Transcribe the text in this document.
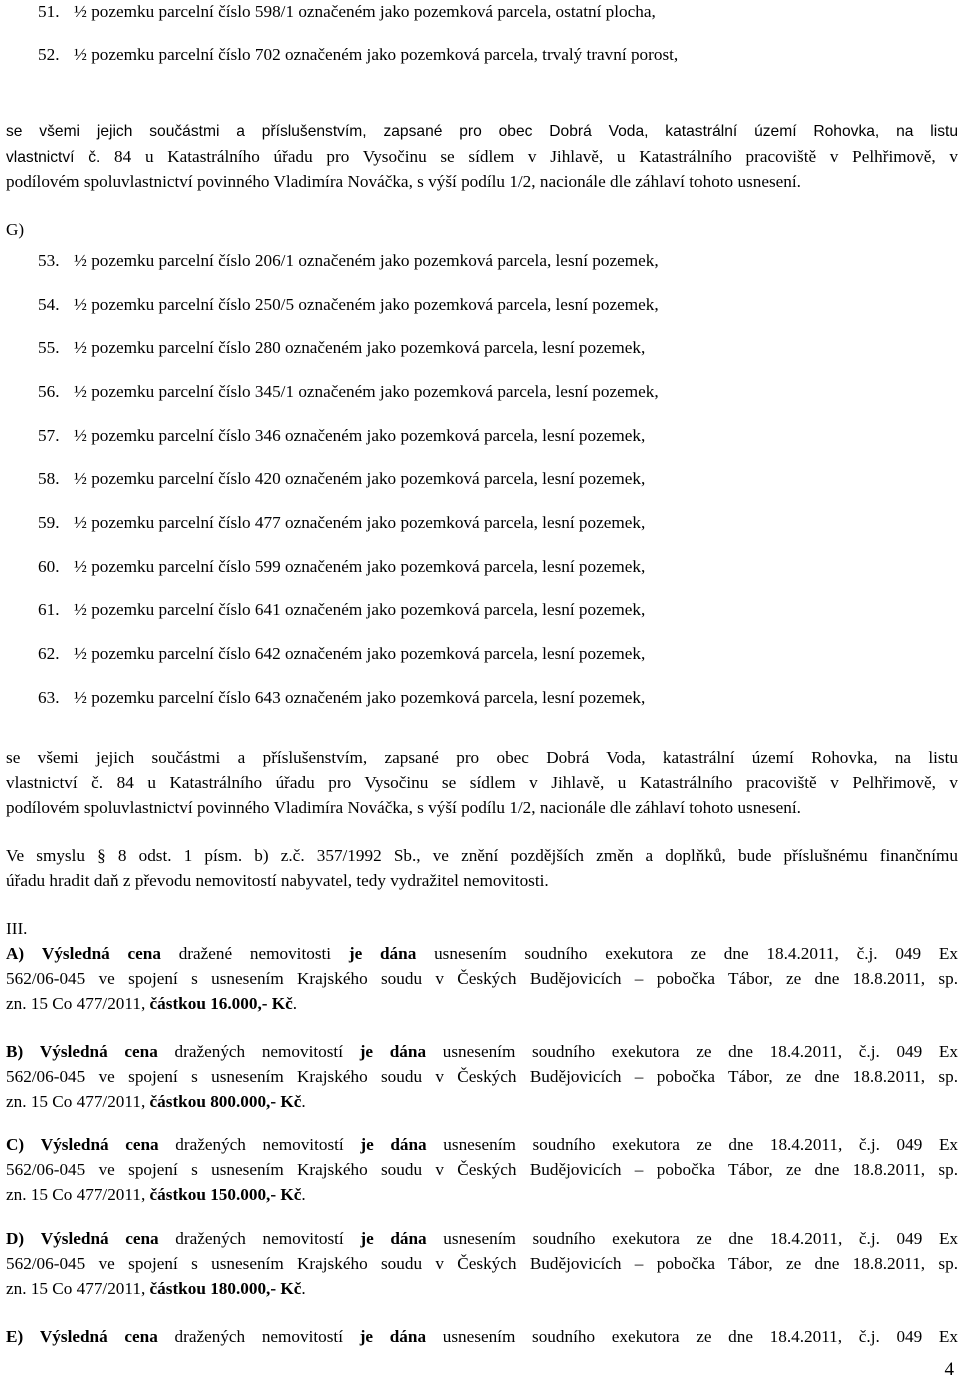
51. ½ pozemku parcelní číslo 598/1 označeném jako pozemková parcela, ostatní plocha,
52. ½ pozemku parcelní číslo 702 označeném jako pozemková parcela, trvalý travní porost,
se všemi jejich součástmi a příslušenstvím, zapsané pro obec Dobrá Voda, katastrální území Rohovka, na listu
vlastnictví č. 84 u Katastrálního úřadu pro Vysočinu se sídlem v Jihlavě, u Katastrálního pracoviště v Pelhřimově, v
podílovém spoluvlastnictví povinného Vladimíra Nováčka, s výší podílu 1/2, nacionále dle záhlaví tohoto usnesení.
G)
53. ½ pozemku parcelní číslo 206/1 označeném jako pozemková parcela, lesní pozemek,
54. ½ pozemku parcelní číslo 250/5 označeném jako pozemková parcela, lesní pozemek,
55. ½ pozemku parcelní číslo 280 označeném jako pozemková parcela, lesní pozemek,
56. ½ pozemku parcelní číslo 345/1 označeném jako pozemková parcela, lesní pozemek,
57. ½ pozemku parcelní číslo 346 označeném jako pozemková parcela, lesní pozemek,
58. ½ pozemku parcelní číslo 420 označeném jako pozemková parcela, lesní pozemek,
59. ½ pozemku parcelní číslo 477 označeném jako pozemková parcela, lesní pozemek,
60. ½ pozemku parcelní číslo 599 označeném jako pozemková parcela, lesní pozemek,
61. ½ pozemku parcelní číslo 641 označeném jako pozemková parcela, lesní pozemek,
62. ½ pozemku parcelní číslo 642 označeném jako pozemková parcela, lesní pozemek,
63. ½ pozemku parcelní číslo 643 označeném jako pozemková parcela, lesní pozemek,
se všemi jejich součástmi a příslušenstvím, zapsané pro obec Dobrá Voda, katastrální území Rohovka, na listu
vlastnictví č. 84 u Katastrálního úřadu pro Vysočinu se sídlem v Jihlavě, u Katastrálního pracoviště v Pelhřimově, v
podílovém spoluvlastnictví povinného Vladimíra Nováčka, s výší podílu 1/2, nacionále dle záhlaví tohoto usnesení.
Ve smyslu § 8 odst. 1 písm. b) z.č. 357/1992 Sb., ve znění pozdějších změn a doplňků, bude příslušnému finančnímu
úřadu hradit daň z převodu nemovitostí nabyvatel, tedy vydražitel nemovitosti.
III.
A) Výsledná cena dražené nemovitosti je dána usnesením soudního exekutora ze dne 18.4.2011, č.j. 049 Ex
562/06-045 ve spojení s usnesením Krajského soudu v Českých Budějovicích – pobočka Tábor, ze dne 18.8.2011, sp.
zn. 15 Co 477/2011, částkou 16.000,- Kč.
B) Výsledná cena dražených nemovitostí je dána usnesením soudního exekutora ze dne 18.4.2011, č.j. 049 Ex
562/06-045 ve spojení s usnesením Krajského soudu v Českých Budějovicích – pobočka Tábor, ze dne 18.8.2011, sp.
zn. 15 Co 477/2011, částkou 800.000,- Kč.
C) Výsledná cena dražených nemovitostí je dána usnesením soudního exekutora ze dne 18.4.2011, č.j. 049 Ex
562/06-045 ve spojení s usnesením Krajského soudu v Českých Budějovicích – pobočka Tábor, ze dne 18.8.2011, sp.
zn. 15 Co 477/2011, částkou 150.000,- Kč.
D) Výsledná cena dražených nemovitostí je dána usnesením soudního exekutora ze dne 18.4.2011, č.j. 049 Ex
562/06-045 ve spojení s usnesením Krajského soudu v Českých Budějovicích – pobočka Tábor, ze dne 18.8.2011, sp.
zn. 15 Co 477/2011, částkou 180.000,- Kč.
E) Výsledná cena dražených nemovitostí je dána usnesením soudního exekutora ze dne 18.4.2011, č.j. 049 Ex
4
